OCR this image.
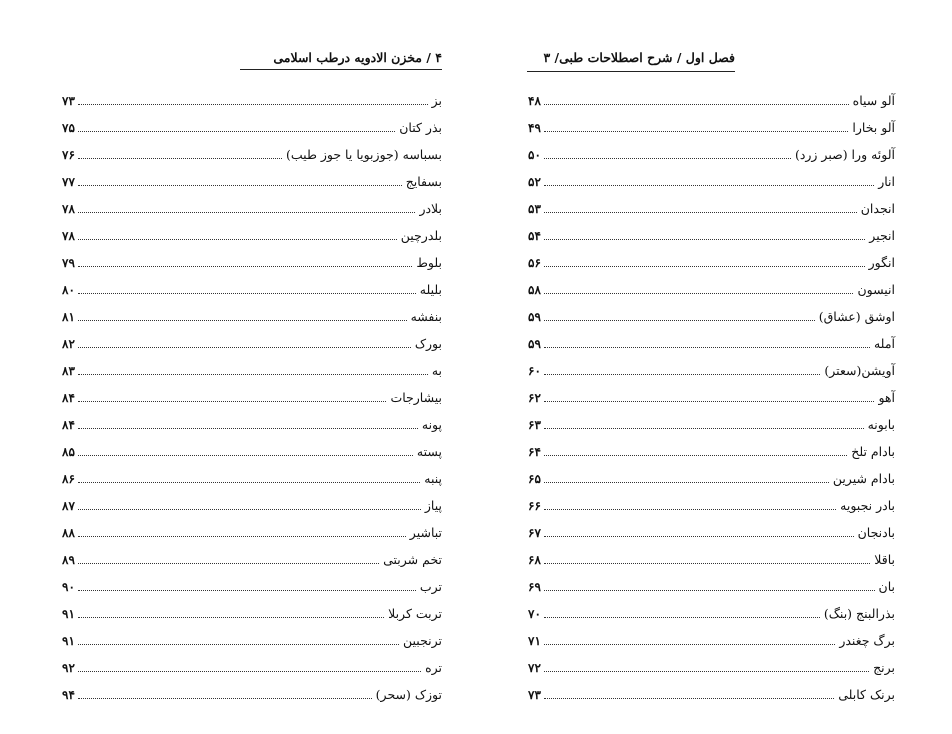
۴ / مخزن الادویه درطب اسلامی
بز
۷۳
بذر کتان
۷۵
بسباسه (جوزبویا یا جوز طیب)
۷۶
بسفایج
۷۷
بلادر
۷۸
بلدرچین
۷۸
بلوط
۷۹
بلیله
۸۰
بنفشه
۸۱
بورک
۸۲
به
۸۳
بیشارجات
۸۴
پونه
۸۴
پسته
۸۵
پنبه
۸۶
پیاز
۸۷
تباشیر
۸۸
تخم شربتی
۸۹
ترب
۹۰
تربت کربلا
۹۱
ترنجبین
۹۱
تره
۹۲
توزک (سحر)
۹۴
فصل اول / شرح اصطلاحات طبی/ ۳
آلو سیاه
۴۸
آلو بخارا
۴۹
آلوئه ورا (صبر زرد)
۵۰
انار
۵۲
انجدان
۵۳
انجیر
۵۴
انگور
۵۶
انیسون
۵۸
اوشق (عشاق)
۵۹
آمله
۵۹
آویشن(سعتر)
۶۰
آهو
۶۲
بابونه
۶۳
بادام تلخ
۶۴
بادام شیرین
۶۵
بادر نجبویه
۶۶
بادنجان
۶۷
باقلا
۶۸
بان
۶۹
بذرالبنج (بنگ)
۷۰
برگ چغندر
۷۱
برنج
۷۲
برنک کابلی
۷۳
